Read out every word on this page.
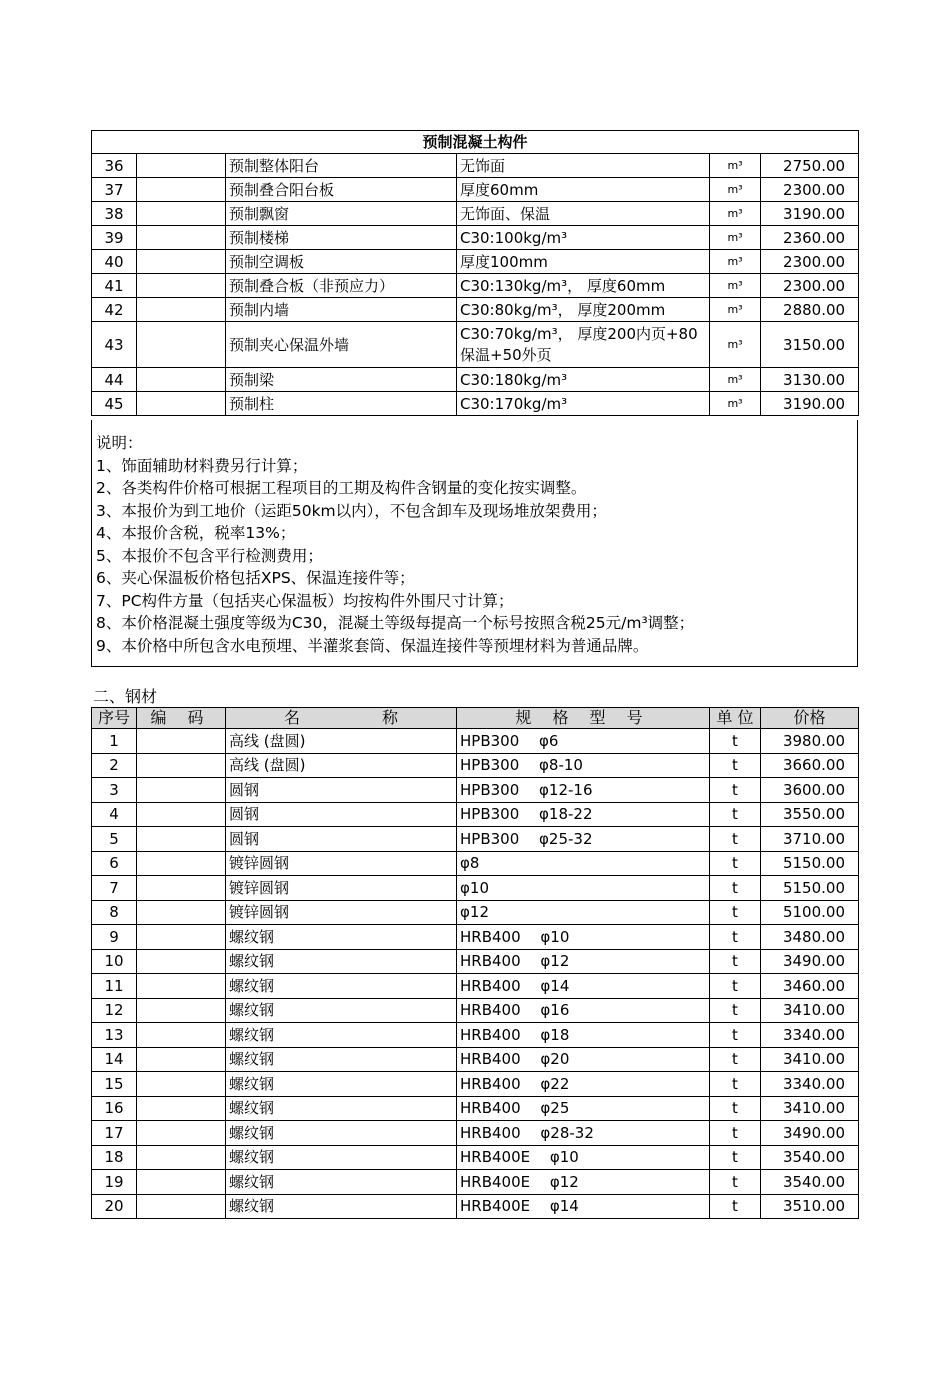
预制混凝土构件					
36		预制整体阳台	无饰面	m³	2750.00
37		预制叠合阳台板	厚度60mm	m³	2300.00
38		预制飘窗	无饰面、保温	m³	3190.00
39		预制楼梯	C30:100kg/m³	m³	2360.00
40		预制空调板	厚度100mm	m³	2300.00
41		预制叠合板（非预应力）	C30:130kg/m³， 厚度60mm	m³	2300.00
42		预制内墙	C30:80kg/m³， 厚度200mm	m³	2880.00
43		预制夹心保温外墙	C30:70kg/m³， 厚度200内页+80保温+50外页	m³	3150.00
44		预制梁	C30:180kg/m³	m³	3130.00
45		预制柱	C30:170kg/m³	m³	3190.00
说明：
1、饰面辅助材料费另行计算；
2、各类构件价格可根据工程项目的工期及构件含钢量的变化按实调整。
3、本报价为到工地价（运距50km以内），不包含卸车及现场堆放架费用；
4、本报价含税，税率13%；
5、本报价不包含平行检测费用；
6、夹心保温板价格包括XPS、保温连接件等；
7、PC构件方量（包括夹心保温板）均按构件外围尺寸计算；
8、本价格混凝土强度等级为C30，混凝土等级每提高一个标号按照含税25元/m³调整；
9、本价格中所包含水电预埋、半灌浆套筒、保温连接件等预埋材料为普通品牌。
二、钢材
序号	编 码	名 称	规 格 型 号	单 位	价格
1		高线 (盘圆)	HPB300　 φ6	t	3980.00
2		高线 (盘圆)	HPB300　 φ8-10	t	3660.00
3		圆钢	HPB300　 φ12-16	t	3600.00
4		圆钢	HPB300　 φ18-22	t	3550.00
5		圆钢	HPB300　 φ25-32	t	3710.00
6		镀锌圆钢	φ8	t	5150.00
7		镀锌圆钢	φ10	t	5150.00
8		镀锌圆钢	φ12	t	5100.00
9		螺纹钢	HRB400　 φ10	t	3480.00
10		螺纹钢	HRB400　 φ12	t	3490.00
11		螺纹钢	HRB400　 φ14	t	3460.00
12		螺纹钢	HRB400　 φ16	t	3410.00
13		螺纹钢	HRB400　 φ18	t	3340.00
14		螺纹钢	HRB400　 φ20	t	3410.00
15		螺纹钢	HRB400　 φ22	t	3340.00
16		螺纹钢	HRB400　 φ25	t	3410.00
17		螺纹钢	HRB400　 φ28-32	t	3490.00
18		螺纹钢	HRB400E　 φ10	t	3540.00
19		螺纹钢	HRB400E　 φ12	t	3540.00
20		螺纹钢	HRB400E　 φ14	t	3510.00
